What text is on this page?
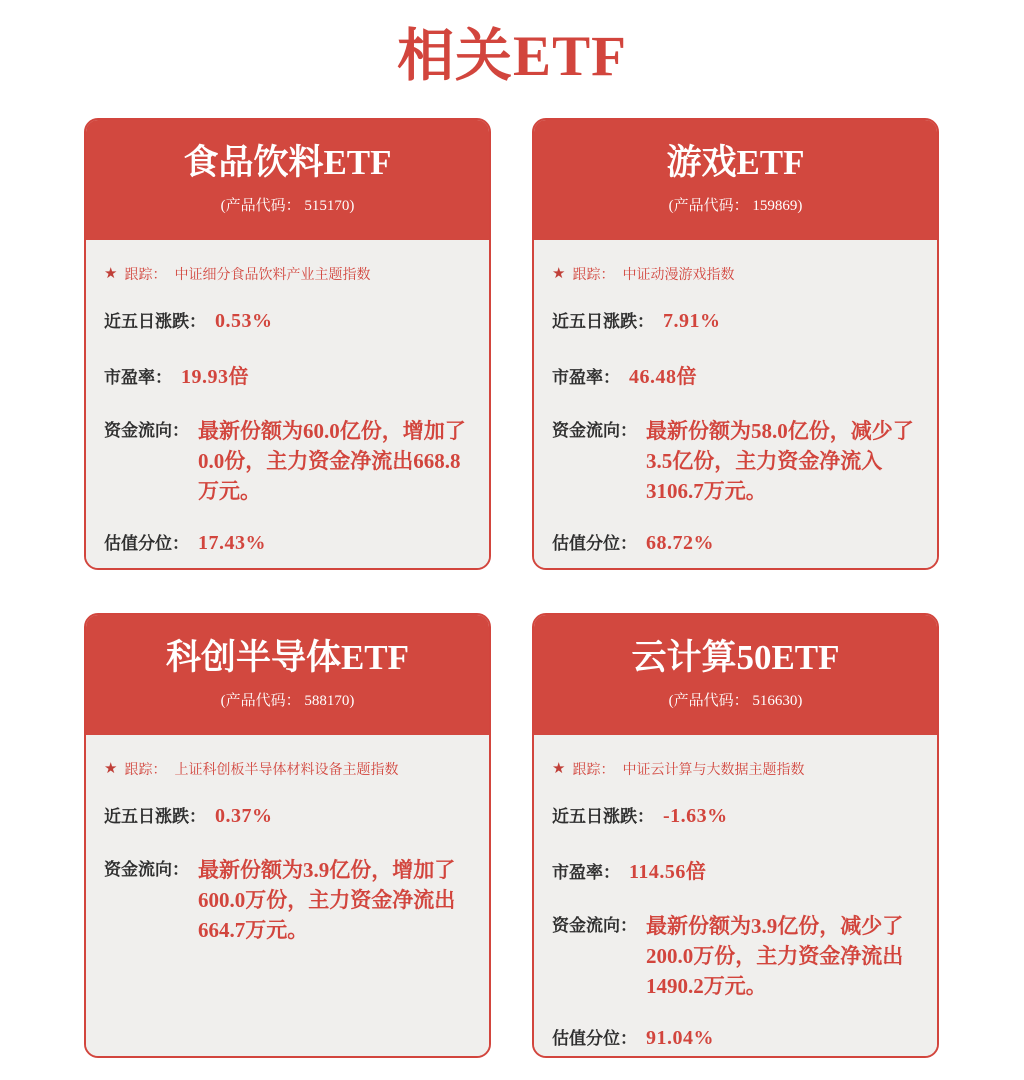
相关ETF
食品饮料ETF
(产品代码： 515170)
★ 跟踪： 中证细分食品饮料产业主题指数
近五日涨跌： 0.53%
市盈率： 19.93倍
资金流向： 最新份额为60.0亿份，增加了0.0份，主力资金净流出668.8万元。
估值分位： 17.43%
游戏ETF
(产品代码： 159869)
★ 跟踪： 中证动漫游戏指数
近五日涨跌： 7.91%
市盈率： 46.48倍
资金流向： 最新份额为58.0亿份，减少了3.5亿份，主力资金净流入3106.7万元。
估值分位： 68.72%
科创半导体ETF
(产品代码： 588170)
★ 跟踪： 上证科创板半导体材料设备主题指数
近五日涨跌： 0.37%
资金流向： 最新份额为3.9亿份，增加了600.0万份，主力资金净流出664.7万元。
云计算50ETF
(产品代码： 516630)
★ 跟踪： 中证云计算与大数据主题指数
近五日涨跌： -1.63%
市盈率： 114.56倍
资金流向： 最新份额为3.9亿份，减少了200.0万份，主力资金净流出1490.2万元。
估值分位： 91.04%
